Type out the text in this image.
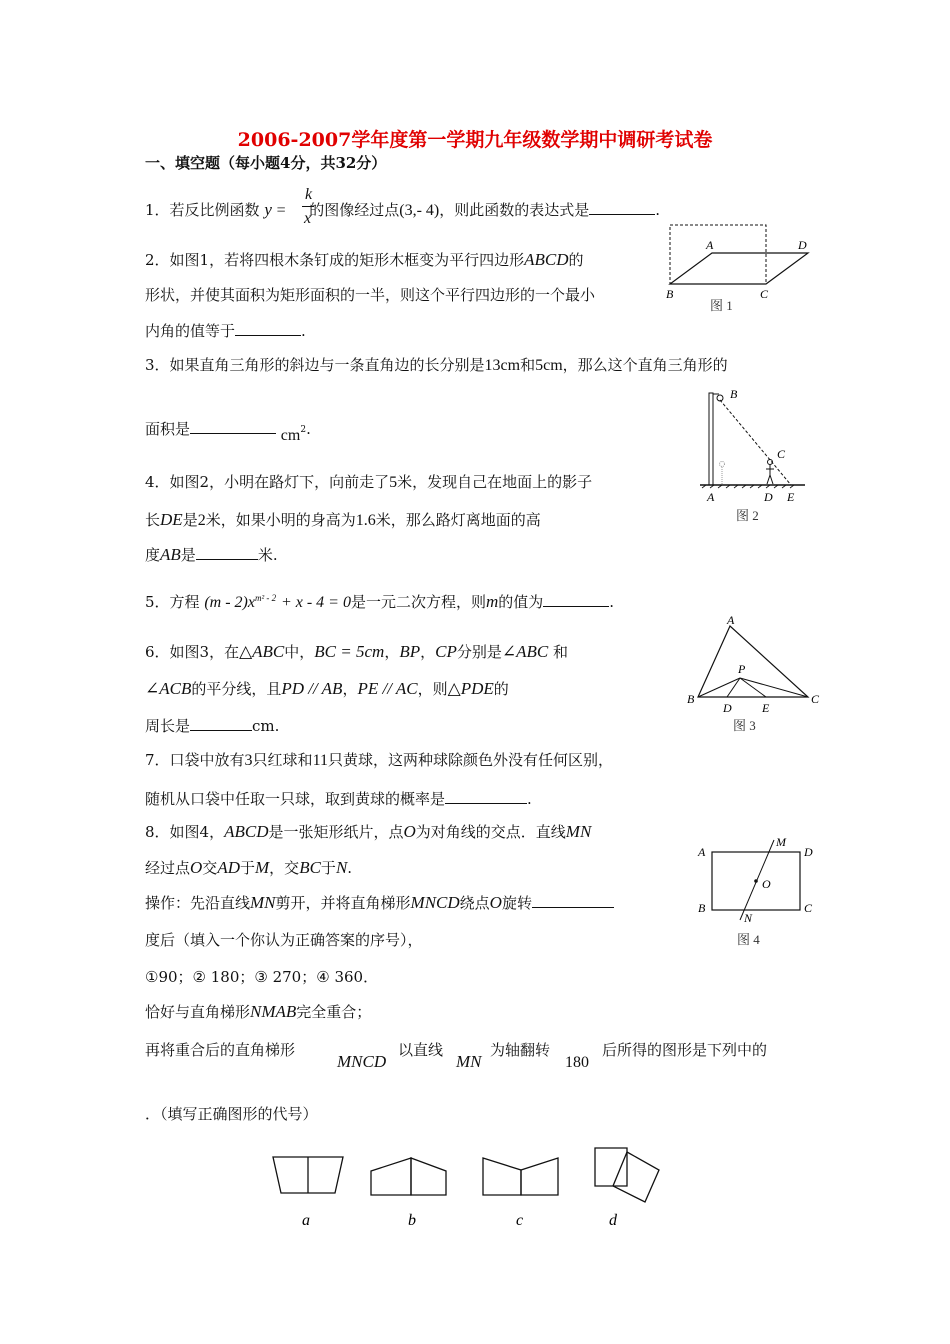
2006-2007学年度第一学期九年级数学期中调研考试卷
一、填空题（每小题4分，共32分）
1．若反比例函数 y = 的图像经过点(3,- 4)，则此函数的表达式是	.
k
x
2．如图1，若将四根木条钉成的矩形木框变为平行四边形ABCD的
形状，并使其面积为矩形面积的一半，则这个平行四边形的一个最小
内角的值等于	.
3．如果直角三角形的斜边与一条直角边的长分别是13cm和5cm，那么这个直角三角形的
面积是	$cm^2$.
4．如图2，小明在路灯下，向前走了5米，发现自己在地面上的影子
长DE是2米，如果小明的身高为1.6米，那么路灯离地面的高
度AB是	米.
5．方程 $(m - 2)x^{m^2 - 2} + x - 4 = 0$是一元二次方程，则m的值为	.
6．如图3，在△ABC中，BC = 5cm，BP，CP分别是∠ABC 和
∠ACB的平分线，且PD // AB，PE // AC，则△PDE的
周长是	cm.
7．口袋中放有3只红球和11只黄球，这两种球除颜色外没有任何区别，
随机从口袋中任取一只球，取到黄球的概率是	.
8．如图4，ABCD是一张矩形纸片，点O为对角线的交点．直线MN
经过点O交AD于M，交BC于N.
操作：先沿直线MN剪开，并将直角梯形MNCD绕点O旋转
度后（填入一个你认为正确答案的序号），
①90；② 180；③ 270；④ 360．
恰好与直角梯形NMAB完全重合；
再将重合后的直角梯形
MNCD
以直线
MN
为轴翻转
180
后所得的图形是下列中的
．（填写正确图形的代号）
A	D
B	C
图 1
B
C
A	D E
图 2
A
B	C
P
D	E
图 3
A	D
B	C
M
N
O
图 4
a	b	c	d
